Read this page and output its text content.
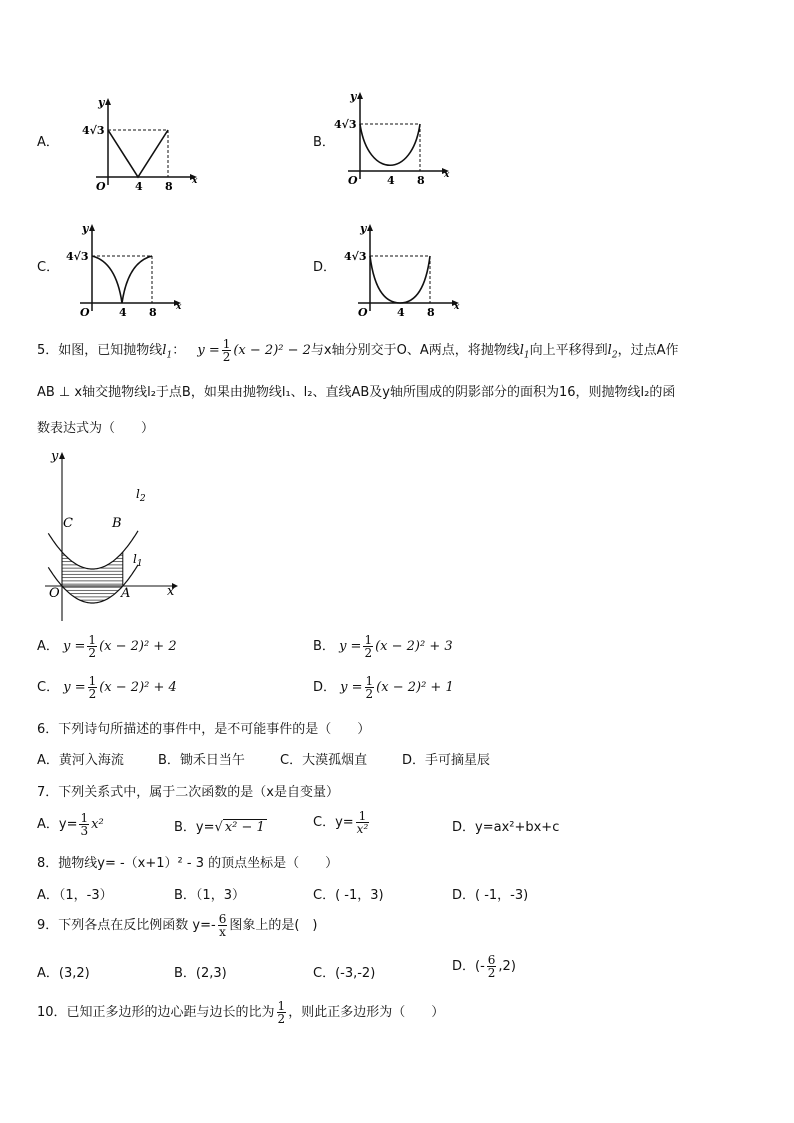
A．
4√3
O	4 8
y
x
B．
4√3
O	4 8
y
x
C．
4√3
O	4 8
y
x
D．
4√3
O	4 8
y
x
5．如图，已知抛物线$l_1$： $y = \frac{1}{2} (x - 2)^2 - 2$与x轴分别交于O、A两点，将抛物线$l_1$向上平移得到$l_2$，过点A作
AB ⊥ x轴交抛物线l₂于点B，如果由抛物线l₁、l₂、直线AB及y轴所围成的阴影部分的面积为16，则抛物线l₂的函
数表达式为（　　）
y
x
O	A
B
C
$l_2$
$l_1$
A． $y = \frac{1}{2} (x - 2)^2 + 2$	B． $y = \frac{1}{2} (x - 2)^2 + 3$
C． $y = \frac{1}{2} (x - 2)^2 + 4$	D． $y = \frac{1}{2} (x - 2)^2 + 1$
6．下列诗句所描述的事件中，是不可能事件的是（　　）
A．黄河入海流	B．锄禾日当午	C．大漠孤烟直	D．手可摘星辰
7．下列关系式中，属于二次函数的是（x是自变量）
A．$y= \frac{1}{3} x^2$	B．y=√ x² − 1	C．$y= \frac{1}{\text{x²}}$	D．y=ax²+bx+c
8．抛物线y= -（x+1）² - 3 的顶点坐标是（　　）
A．（1，-3）	B．（1，3）	C．( -1，3)	D．( -1，-3)
9．下列各点在反比例函数 $y=- \frac{6}{x}$ 图象上的是(　)
A．(3,2)	B．(2,3)	C．(-3,-2)	D．(- $\frac{6}{2} ,2$)
10．已知正多边形的边心距与边长的比为 $\frac{1}{2}$ ，则此正多边形为（　　）
